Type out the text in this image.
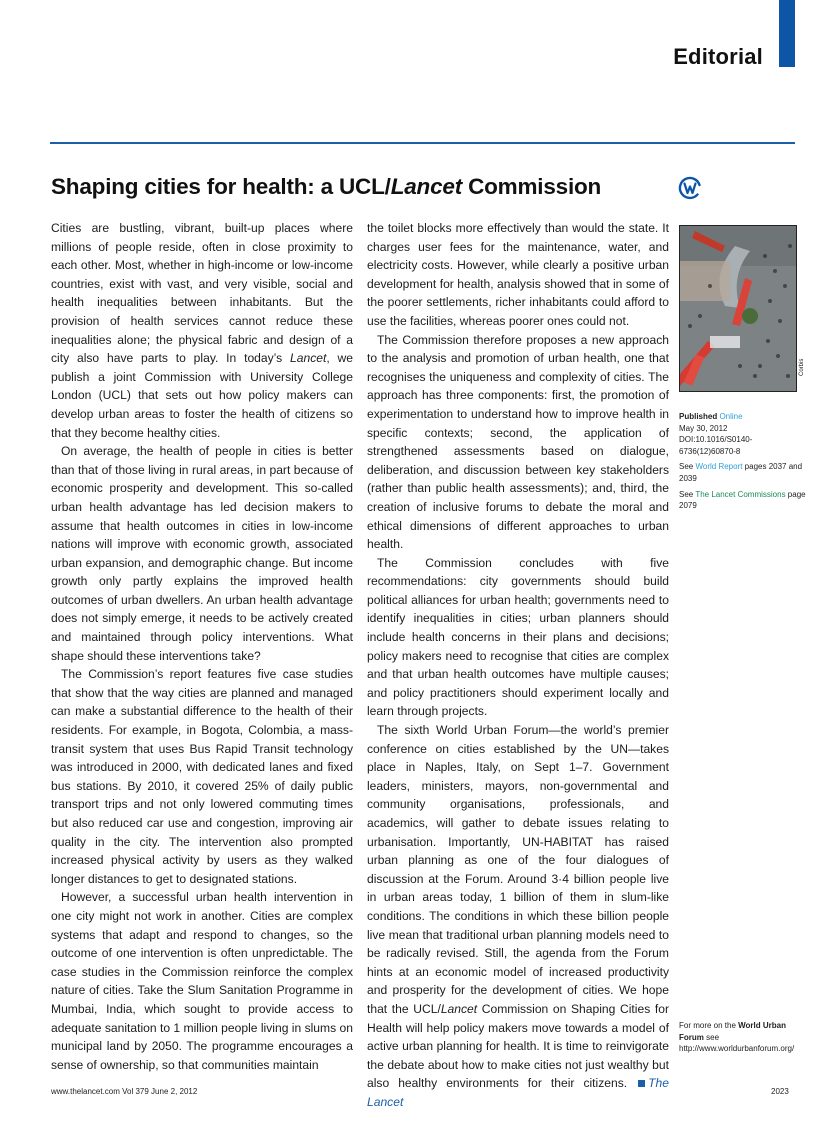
Editorial
Shaping cities for health: a UCL/Lancet Commission

Cities are bustling, vibrant, built-up places where millions of people reside, often in close proximity to each other. Most, whether in high-income or low-income countries, exist with vast, and very visible, social and health inequalities between inhabitants. But the provision of health services cannot reduce these inequalities alone; the physical fabric and design of a city also have parts to play. In today’s Lancet, we publish a joint Commission with University College London (UCL) that sets out how policy makers can develop urban areas to foster the health of citizens so that they become healthy cities.

On average, the health of people in cities is better than that of those living in rural areas, in part because of economic prosperity and development. This so-called urban health advantage has led decision makers to assume that health outcomes in cities in low-income nations will improve with economic growth, associated urban expansion, and demographic change. But income growth only partly explains the improved health outcomes of urban dwellers. An urban health advantage does not simply emerge, it needs to be actively created and maintained through policy interventions. What shape should these interventions take?

The Commission’s report features five case studies that show that the way cities are planned and managed can make a substantial difference to the health of their residents. For example, in Bogota, Colombia, a mass-transit system that uses Bus Rapid Transit technology was introduced in 2000, with dedicated lanes and fixed bus stations. By 2010, it covered 25% of daily public transport trips and not only lowered commuting times but also reduced car use and congestion, improving air quality in the city. The intervention also prompted increased physical activity by users as they walked longer distances to get to designated stations.

However, a successful urban health intervention in one city might not work in another. Cities are complex systems that adapt and respond to changes, so the outcome of one intervention is often unpredictable. The case studies in the Commission reinforce the complex nature of cities. Take the Slum Sanitation Programme in Mumbai, India, which sought to provide access to adequate sanitation to 1 million people living in slums on municipal land by 2050. The programme encourages a sense of ownership, so that communities maintain

the toilet blocks more effectively than would the state. It charges user fees for the maintenance, water, and electricity costs. However, while clearly a positive urban development for health, analysis showed that in some of the poorer settlements, richer inhabitants could afford to use the facilities, whereas poorer ones could not.

The Commission therefore proposes a new approach to the analysis and promotion of urban health, one that recognises the uniqueness and complexity of cities. The approach has three components: first, the promotion of experimentation to understand how to improve health in specific contexts; second, the application of strengthened assessments based on dialogue, deliberation, and discussion between key stakeholders (rather than public health assessments); and, third, the creation of inclusive forums to debate the moral and ethical dimensions of different approaches to urban health.

The Commission concludes with five recommendations: city governments should build political alliances for urban health; governments need to identify inequalities in cities; urban planners should include health concerns in their plans and decisions; policy makers need to recognise that cities are complex and that urban health outcomes have multiple causes; and policy practitioners should experiment locally and learn through projects.

The sixth World Urban Forum—the world’s premier conference on cities established by the UN—takes place in Naples, Italy, on Sept 1–7. Government leaders, ministers, mayors, non-governmental and community organisations, professionals, and academics, will gather to debate issues relating to urbanisation. Importantly, UN-HABITAT has raised urban planning as one of the four dialogues of discussion at the Forum. Around 3·4 billion people live in urban areas today, 1 billion of them in slum-like conditions. The conditions in which these billion people live mean that traditional urban planning models need to be radically revised. Still, the agenda from the Forum hints at an economic model of increased productivity and prosperity for the development of cities. We hope that the UCL/Lancet Commission on Shaping Cities for Health will help policy makers move towards a model of active urban planning for health. It is time to reinvigorate the debate about how to make cities not just wealthy but also healthy environments for their citizens. The Lancet

Corbis
Published Online
May 30, 2012
DOI:10.1016/S0140-6736(12)60870-8
See World Report pages 2037 and 2039
See The Lancet Commissions page 2079
For more on the World Urban Forum see http://www.worldurbanforum.org/
www.thelancet.com Vol 379 June 2, 2012	2023
